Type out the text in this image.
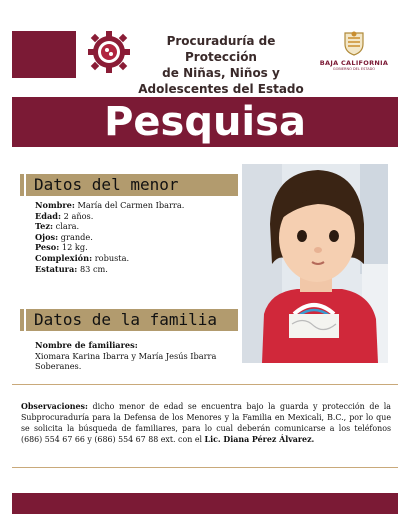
Procuraduría de Protección
de Niñas, Niños y
Adolescentes del Estado
BAJA CALIFORNIA
GOBIERNO DEL ESTADO
Pesquisa
Datos del menor
Nombre: María del Carmen Ibarra.
Edad: 2 años.
Tez: clara.
Ojos: grande.
Peso: 12 kg.
Complexión: robusta.
Estatura: 83 cm.
Datos de la familia
Nombre de familiares:
Xiomara Karina Ibarra y María Jesús Ibarra Soberanes.
Observaciones: dicho menor de edad se encuentra bajo la guarda y protección de la Subprocuraduría para la Defensa de los Menores y la Familia en Mexicali, B.C., por lo que se solicita la búsqueda de familiares, para lo cual deberán comunicarse a los teléfonos (686) 554 67 66 y (686) 554 67 88 ext. con el Lic. Diana Pérez Álvarez.
